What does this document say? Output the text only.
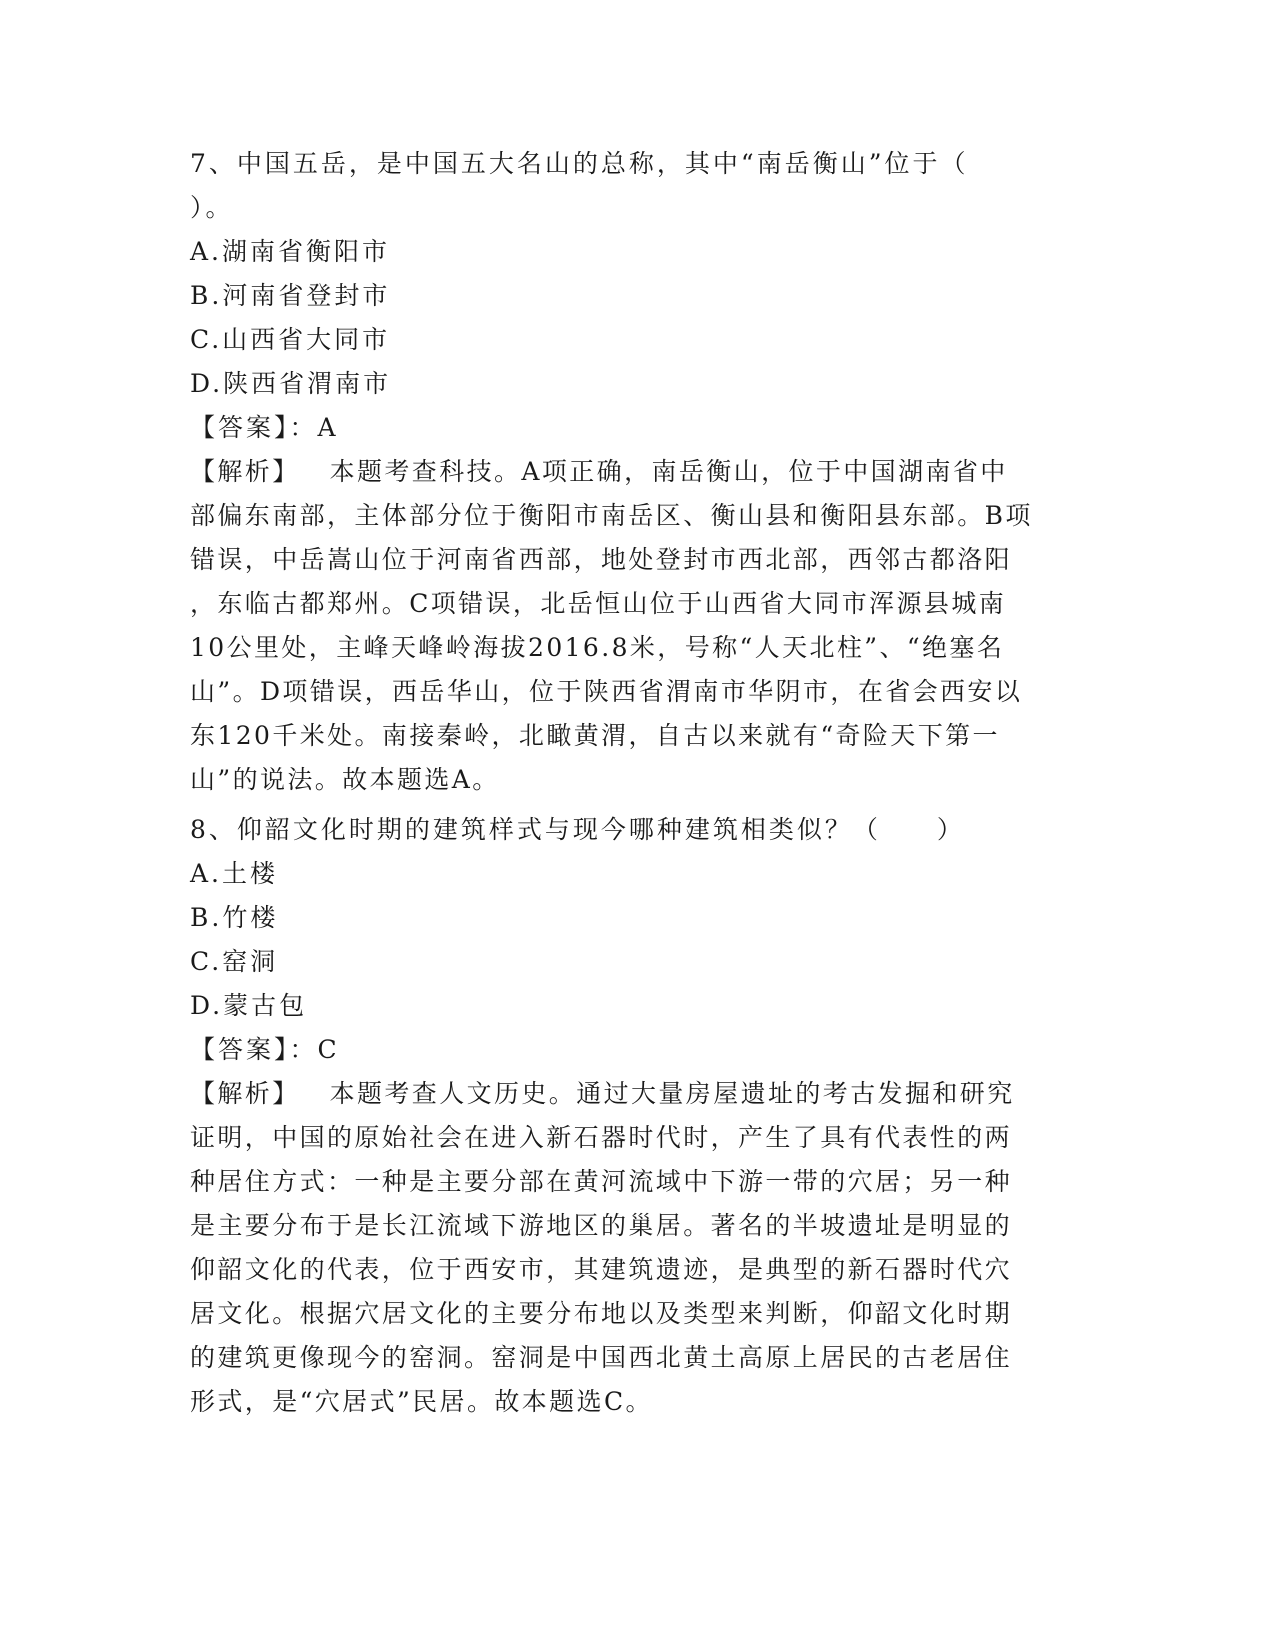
7、中国五岳，是中国五大名山的总称，其中“南岳衡山”位于（

）。

A.湖南省衡阳市

B.河南省登封市

C.山西省大同市

D.陕西省渭南市

【答案】：A

【解析】 本题考查科技。A项正确，南岳衡山，位于中国湖南省中

部偏东南部，主体部分位于衡阳市南岳区、衡山县和衡阳县东部。B项

错误，中岳嵩山位于河南省西部，地处登封市西北部，西邻古都洛阳

，东临古都郑州。C项错误，北岳恒山位于山西省大同市浑源县城南

10公里处，主峰天峰岭海拔2016.8米，号称“人天北柱”、“绝塞名

山”。D项错误，西岳华山，位于陕西省渭南市华阴市，在省会西安以

东120千米处。南接秦岭，北瞰黄渭，自古以来就有“奇险天下第一

山”的说法。故本题选A。

8、仰韶文化时期的建筑样式与现今哪种建筑相类似？（　　）

A.土楼

B.竹楼

C.窑洞

D.蒙古包

【答案】：C

【解析】 本题考查人文历史。通过大量房屋遗址的考古发掘和研究

证明，中国的原始社会在进入新石器时代时，产生了具有代表性的两

种居住方式：一种是主要分部在黄河流域中下游一带的穴居；另一种

是主要分布于是长江流域下游地区的巢居。著名的半坡遗址是明显的

仰韶文化的代表，位于西安市，其建筑遗迹，是典型的新石器时代穴

居文化。根据穴居文化的主要分布地以及类型来判断，仰韶文化时期

的建筑更像现今的窑洞。窑洞是中国西北黄土高原上居民的古老居住

形式，是“穴居式”民居。故本题选C。
